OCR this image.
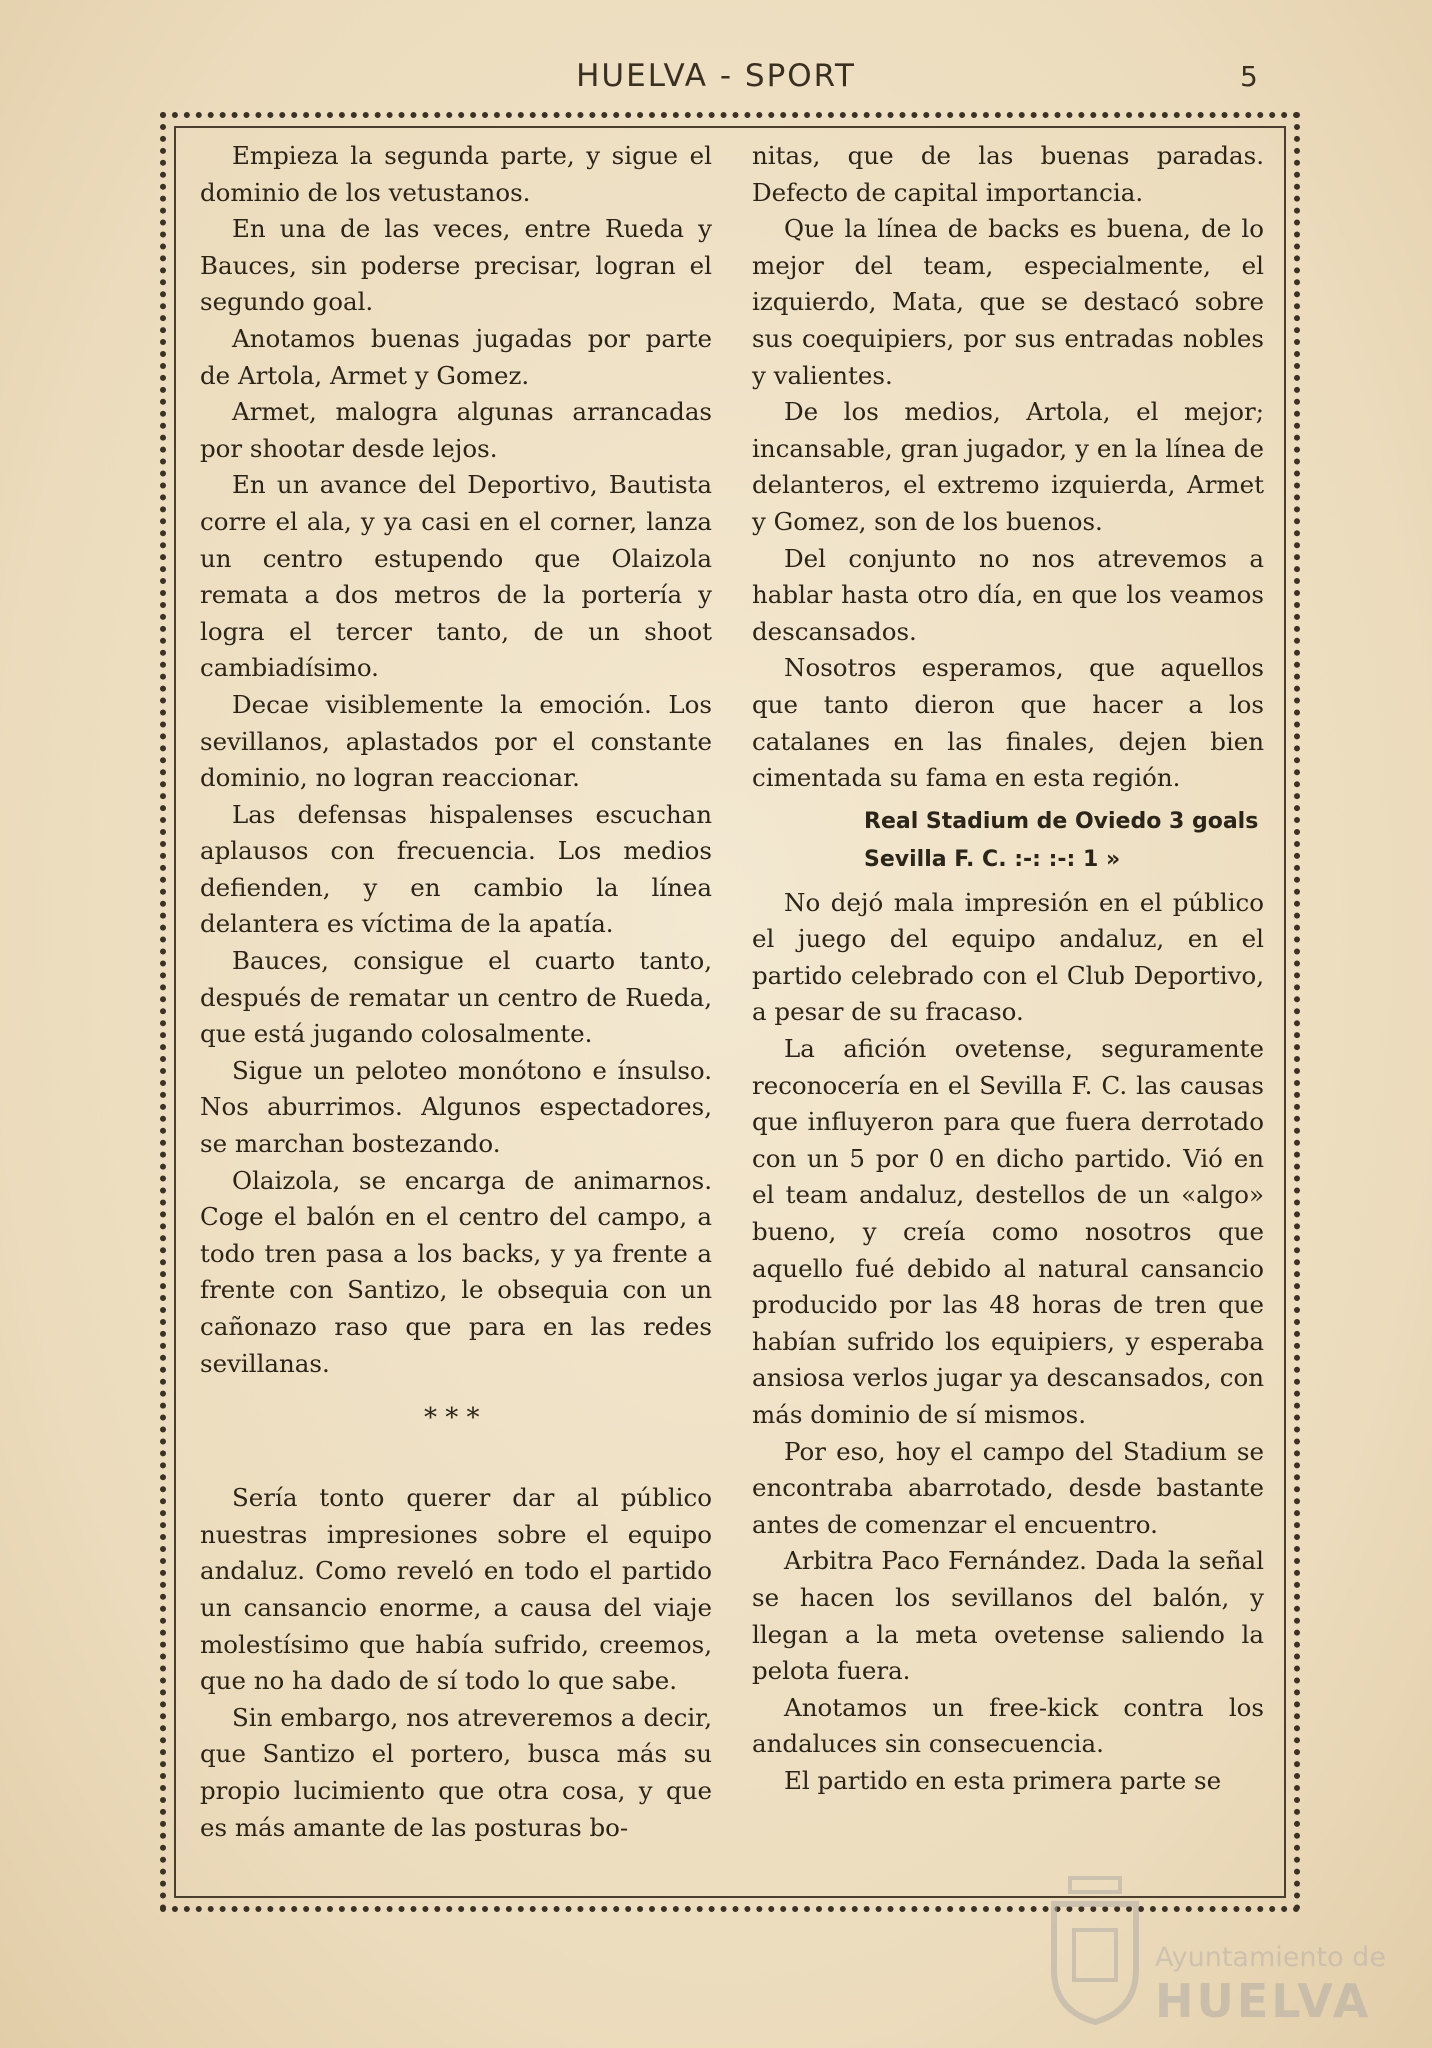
HUELVA - SPORT	5

Empieza la segunda parte, y sigue el dominio de los vetustanos.

En una de las veces, entre Rueda y Bauces, sin poderse precisar, logran el segundo goal.

Anotamos buenas jugadas por parte de Artola, Armet y Gomez.

Armet, malogra algunas arrancadas por shootar desde lejos.

En un avance del Deportivo, Bautista corre el ala, y ya casi en el corner, lanza un centro estupendo que Olaizola remata a dos metros de la portería y logra el tercer tanto, de un shoot cambiadísimo.

Decae visiblemente la emoción. Los sevillanos, aplastados por el constante dominio, no logran reaccionar.

Las defensas hispalenses escuchan aplausos con frecuencia. Los medios defienden, y en cambio la línea delantera es víctima de la apatía.

Bauces, consigue el cuarto tanto, después de rematar un centro de Rueda, que está jugando colosalmente.

Sigue un peloteo monótono e ínsulso. Nos aburrimos. Algunos espectadores, se marchan bostezando.

Olaizola, se encarga de animarnos. Coge el balón en el centro del campo, a todo tren pasa a los backs, y ya frente a frente con Santizo, le obsequia con un cañonazo raso que para en las redes sevillanas.

* * *

Sería tonto querer dar al público nuestras impresiones sobre el equipo andaluz. Como reveló en todo el partido un cansancio enorme, a causa del viaje molestísimo que había sufrido, creemos, que no ha dado de sí todo lo que sabe.

Sin embargo, nos atreveremos a decir, que Santizo el portero, busca más su propio lucimiento que otra cosa, y que es más amante de las posturas bo-

nitas, que de las buenas paradas. Defecto de capital importancia.

Que la línea de backs es buena, de lo mejor del team, especialmente, el izquierdo, Mata, que se destacó sobre sus coequipiers, por sus entradas nobles y valientes.

De los medios, Artola, el mejor; incansable, gran jugador, y en la línea de delanteros, el extremo izquierda, Armet y Gomez, son de los buenos.

Del conjunto no nos atrevemos a hablar hasta otro día, en que los veamos descansados.

Nosotros esperamos, que aquellos que tanto dieron que hacer a los catalanes en las finales, dejen bien cimentada su fama en esta región.

Real Stadium de Oviedo 3 goals
Sevilla F. C. :-: :-: 1 »

No dejó mala impresión en el público el juego del equipo andaluz, en el partido celebrado con el Club Deportivo, a pesar de su fracaso.

La afición ovetense, seguramente reconocería en el Sevilla F. C. las causas que influyeron para que fuera derrotado con un 5 por 0 en dicho partido. Vió en el team andaluz, destellos de un «algo» bueno, y creía como nosotros que aquello fué debido al natural cansancio producido por las 48 horas de tren que habían sufrido los equipiers, y esperaba ansiosa verlos jugar ya descansados, con más dominio de sí mismos.

Por eso, hoy el campo del Stadium se encontraba abarrotado, desde bastante antes de comenzar el encuentro.

Arbitra Paco Fernández. Dada la señal se hacen los sevillanos del balón, y llegan a la meta ovetense saliendo la pelota fuera.

Anotamos un free-kick contra los andaluces sin consecuencia.

El partido en esta primera parte se

Ayuntamiento de
HUELVA
